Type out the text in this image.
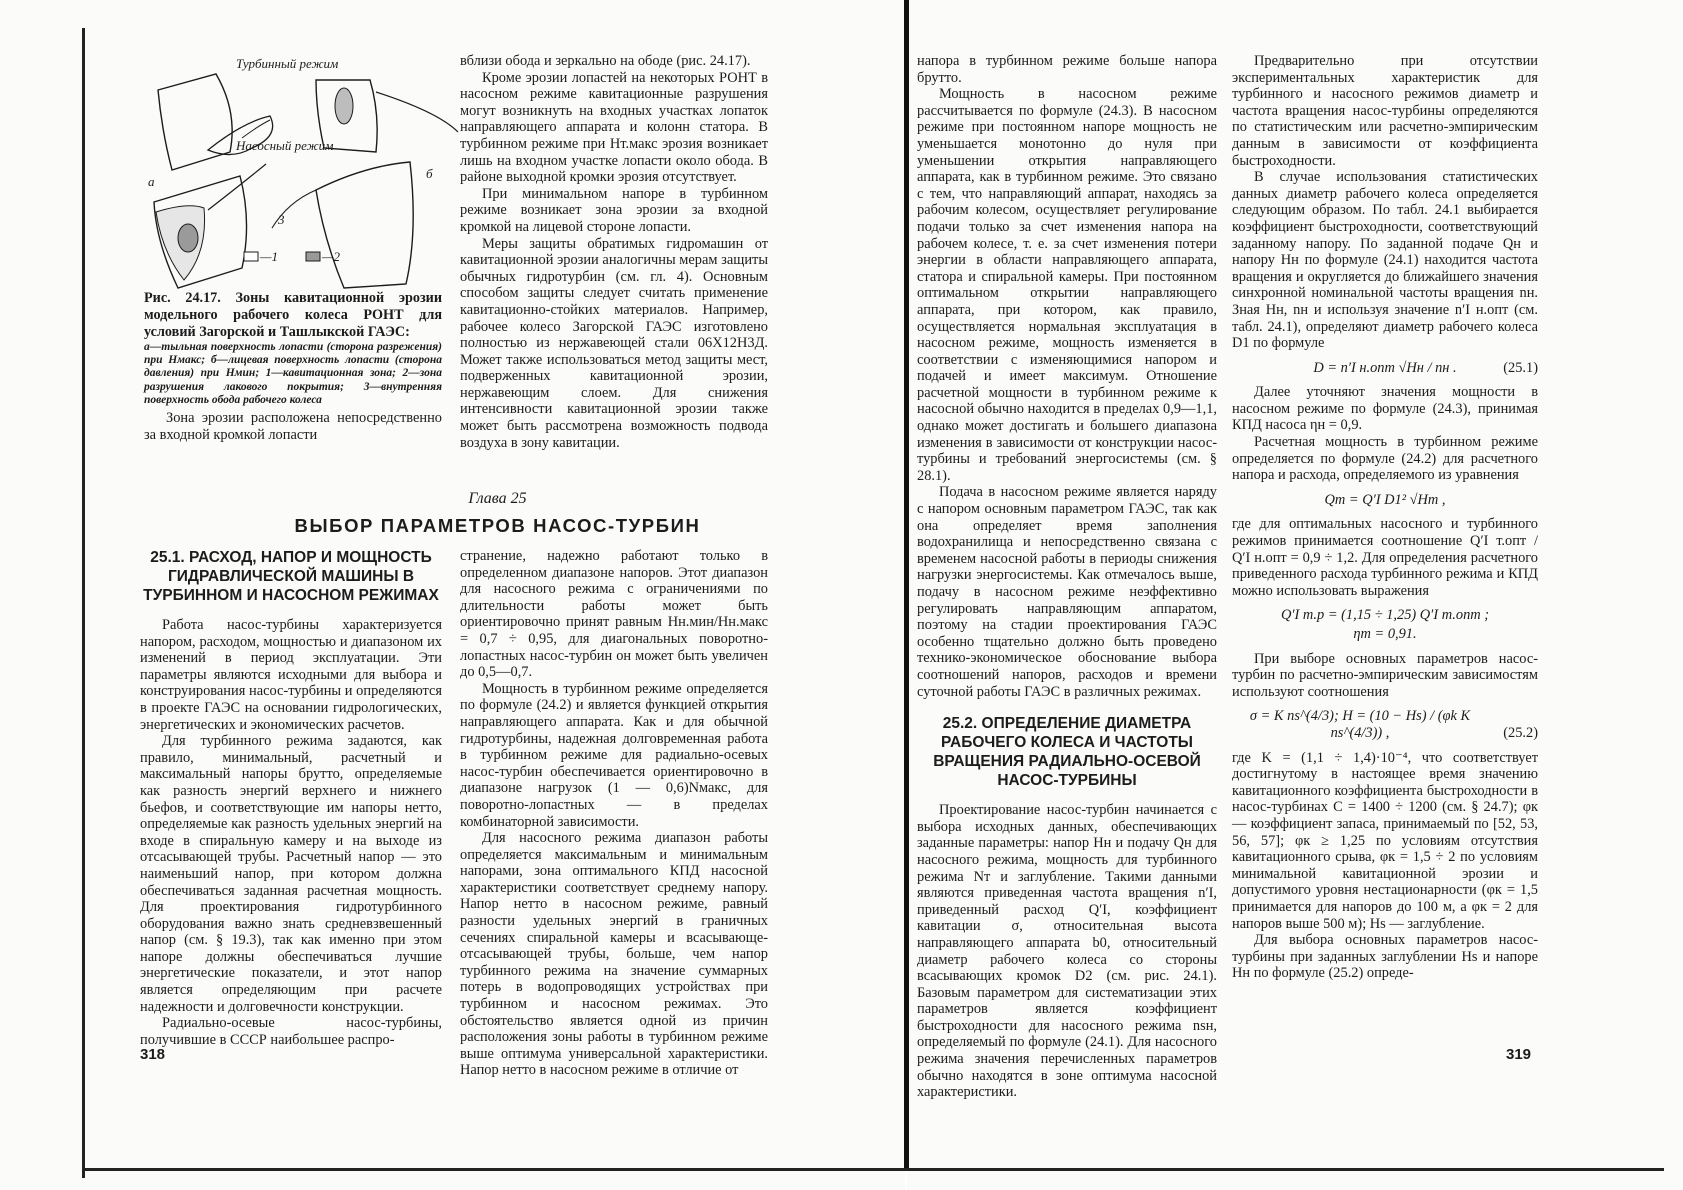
Турбинный режим
Насосный режим
а
б
3
—1	—2
Рис. 24.17. Зоны кавитационной эрозии модельного рабочего колеса РОНТ для условий Загорской и Ташлыкской ГАЭС:
а—тыльная поверхность лопасти (сторона разрежения) при Hмакс; б—лицевая поверхность лопасти (сторона давления) при Hмин; 1—кавитационная зона; 2—зона разрушения лакового покрытия; 3—внутренняя поверхность обода рабочего колеса

Зона эрозии расположена непосредственно за входной кромкой лопасти

вблизи обода и зеркально на ободе (рис. 24.17).

Кроме эрозии лопастей на некоторых РОНТ в насосном режиме кавитационные разрушения могут возникнуть на входных участках лопаток направляющего аппарата и колонн статора. В турбинном режиме при Hт.макс эрозия возникает лишь на входном участке лопасти около обода. В районе выходной кромки эрозия отсутствует.

При минимальном напоре в турбинном режиме возникает зона эрозии за входной кромкой на лицевой стороне лопасти.

Меры защиты обратимых гидромашин от кавитационной эрозии аналогичны мерам защиты обычных гидротурбин (см. гл. 4). Основным способом защиты следует считать применение кавитационно-стойких материалов. Например, рабочее колесо Загорской ГАЭС изготовлено полностью из нержавеющей стали 06Х12Н3Д. Может также использоваться метод защиты мест, подверженных кавитационной эрозии, нержавеющим слоем. Для снижения интенсивности кавитационной эрозии также может быть рассмотрена возможность подвода воздуха в зону кавитации.

Глава 25
ВЫБОР ПАРАМЕТРОВ НАСОС-ТУРБИН
25.1. РАСХОД, НАПОР И МОЩНОСТЬ ГИДРАВЛИЧЕСКОЙ МАШИНЫ В ТУРБИННОМ И НАСОСНОМ РЕЖИМАХ

Работа насос-турбины характеризуется напором, расходом, мощностью и диапазоном их изменений в период эксплуатации. Эти параметры являются исходными для выбора и конструирования насос-турбины и определяются в проекте ГАЭС на основании гидрологических, энергетических и экономических расчетов.

Для турбинного режима задаются, как правило, минимальный, расчетный и максимальный напоры брутто, определяемые как разность энергий верхнего и нижнего бьефов, и соответствующие им напоры нетто, определяемые как разность удельных энергий на входе в спиральную камеру и на выходе из отсасывающей трубы. Расчетный напор — это наименьший напор, при котором должна обеспечиваться заданная расчетная мощность. Для проектирования гидротурбинного оборудования важно знать средневзвешенный напор (см. § 19.3), так как именно при этом напоре должны обеспечиваться лучшие энергетические показатели, и этот напор является определяющим при расчете надежности и долговечности конструкции.

Радиально-осевые насос-турбины, получившие в СССР наибольшее распро-

странение, надежно работают только в определенном диапазоне напоров. Этот диапазон для насосного режима с ограничениями по длительности работы может быть ориентировочно принят равным Hн.мин/Hн.макс = 0,7 ÷ 0,95, для диагональных поворотно-лопастных насос-турбин он может быть увеличен до 0,5—0,7.

Мощность в турбинном режиме определяется по формуле (24.2) и является функцией открытия направляющего аппарата. Как и для обычной гидротурбины, надежная долговременная работа в турбинном режиме для радиально-осевых насос-турбин обеспечивается ориентировочно в диапазоне нагрузок (1 — 0,6)Nмакс, для поворотно-лопастных — в пределах комбинаторной зависимости.

Для насосного режима диапазон работы определяется максимальным и минимальным напорами, зона оптимального КПД насосной характеристики соответствует среднему напору. Напор нетто в насосном режиме, равный разности удельных энергий в граничных сечениях спиральной камеры и всасывающе-отсасывающей трубы, больше, чем напор турбинного режима на значение суммарных потерь в водопроводящих устройствах при турбинном и насосном режимах. Это обстоятельство является одной из причин расположения зоны работы в турбинном режиме выше оптимума универсальной характеристики. Напор нетто в насосном режиме в отличие от

318

напора в турбинном режиме больше напора брутто.

Мощность в насосном режиме рассчитывается по формуле (24.3). В насосном режиме при постоянном напоре мощность не уменьшается монотонно до нуля при уменьшении открытия направляющего аппарата, как в турбинном режиме. Это связано с тем, что направляющий аппарат, находясь за рабочим колесом, осуществляет регулирование подачи только за счет изменения напора на рабочем колесе, т. е. за счет изменения потери энергии в области направляющего аппарата, статора и спиральной камеры. При постоянном оптимальном открытии направляющего аппарата, при котором, как правило, осуществляется нормальная эксплуатация в насосном режиме, мощность изменяется в соответствии с изменяющимися напором и подачей и имеет максимум. Отношение расчетной мощности в турбинном режиме к насосной обычно находится в пределах 0,9—1,1, однако может достигать и большего диапазона изменения в зависимости от конструкции насос-турбины и требований энергосистемы (см. § 28.1).

Подача в насосном режиме является наряду с напором основным параметром ГАЭС, так как она определяет время заполнения водохранилища и непосредственно связана с временем насосной работы в периоды снижения нагрузки энергосистемы. Как отмечалось выше, подачу в насосном режиме неэффективно регулировать направляющим аппаратом, поэтому на стадии проектирования ГАЭС особенно тщательно должно быть проведено технико-экономическое обоснование выбора соотношений напоров, расходов и времени суточной работы ГАЭС в различных режимах.

25.2. ОПРЕДЕЛЕНИЕ ДИАМЕТРА РАБОЧЕГО КОЛЕСА И ЧАСТОТЫ ВРАЩЕНИЯ РАДИАЛЬНО-ОСЕВОЙ НАСОС-ТУРБИНЫ

Проектирование насос-турбин начинается с выбора исходных данных, обеспечивающих заданные параметры: напор Hн и подачу Qн для насосного режима, мощность для турбинного режима Nт и заглубление. Такими данными являются приведенная частота вращения n′I, приведенный расход Q′I, коэффициент кавитации σ, относительная высота направляющего аппарата b0, относительный диаметр рабочего колеса со стороны всасывающих кромок D2 (см. рис. 24.1). Базовым параметром для систематизации этих параметров является коэффициент быстроходности для насосного режима nsн, определяемый по формуле (24.1). Для насосного режима значения перечисленных параметров обычно находятся в зоне оптимума насосной характеристики.

Предварительно при отсутствии экспериментальных характеристик для турбинного и насосного режимов диаметр и частота вращения насос-турбины определяются по статистическим или расчетно-эмпирическим данным в зависимости от коэффициента быстроходности.

В случае использования статистических данных диаметр рабочего колеса определяется следующим образом. По табл. 24.1 выбирается коэффициент быстроходности, соответствующий заданному напору. По заданной подаче Qн и напору Hн по формуле (24.1) находится частота вращения и округляется до ближайшего значения синхронной номинальной частоты вращения nн. Зная Hн, nн и используя значение n′I н.опт (см. табл. 24.1), определяют диаметр рабочего колеса D1 по формуле

D = n′I н.опт √Hн / nн .	(25.1)

Далее уточняют значения мощности в насосном режиме по формуле (24.3), принимая КПД насоса ηн = 0,9.

Расчетная мощность в турбинном режиме определяется по формуле (24.2) для расчетного напора и расхода, определяемого из уравнения

Qт = Q′I D1² √Hт ,

где для оптимальных насосного и турбинного режимов принимается соотношение Q′I т.опт / Q′I н.опт = 0,9 ÷ 1,2. Для определения расчетного приведенного расхода турбинного режима и КПД можно использовать выражения

Q′I т.р = (1,15 ÷ 1,25) Q′I т.опт ;
ηт = 0,91.

При выборе основных параметров насос-турбин по расчетно-эмпирическим зависимостям используют соотношения

σ = K ns^(4/3); H = (10 − Hs) / (φk K ns^(4/3)) ,	(25.2)

где K = (1,1 ÷ 1,4)·10⁻⁴, что соответствует достигнутому в настоящее время значению кавитационного коэффициента быстроходности в насос-турбинах C = 1400 ÷ 1200 (см. § 24.7); φк — коэффициент запаса, принимаемый по [52, 53, 56, 57]; φк ≥ 1,25 по условиям отсутствия кавитационного срыва, φк = 1,5 ÷ 2 по условиям минимальной кавитационной эрозии и допустимого уровня нестационарности (φк = 1,5 принимается для напоров до 100 м, а φк = 2 для напоров выше 500 м); Hs — заглубление.

Для выбора основных параметров насос-турбины при заданных заглублении Hs и напоре Hн по формуле (25.2) опреде-

319
